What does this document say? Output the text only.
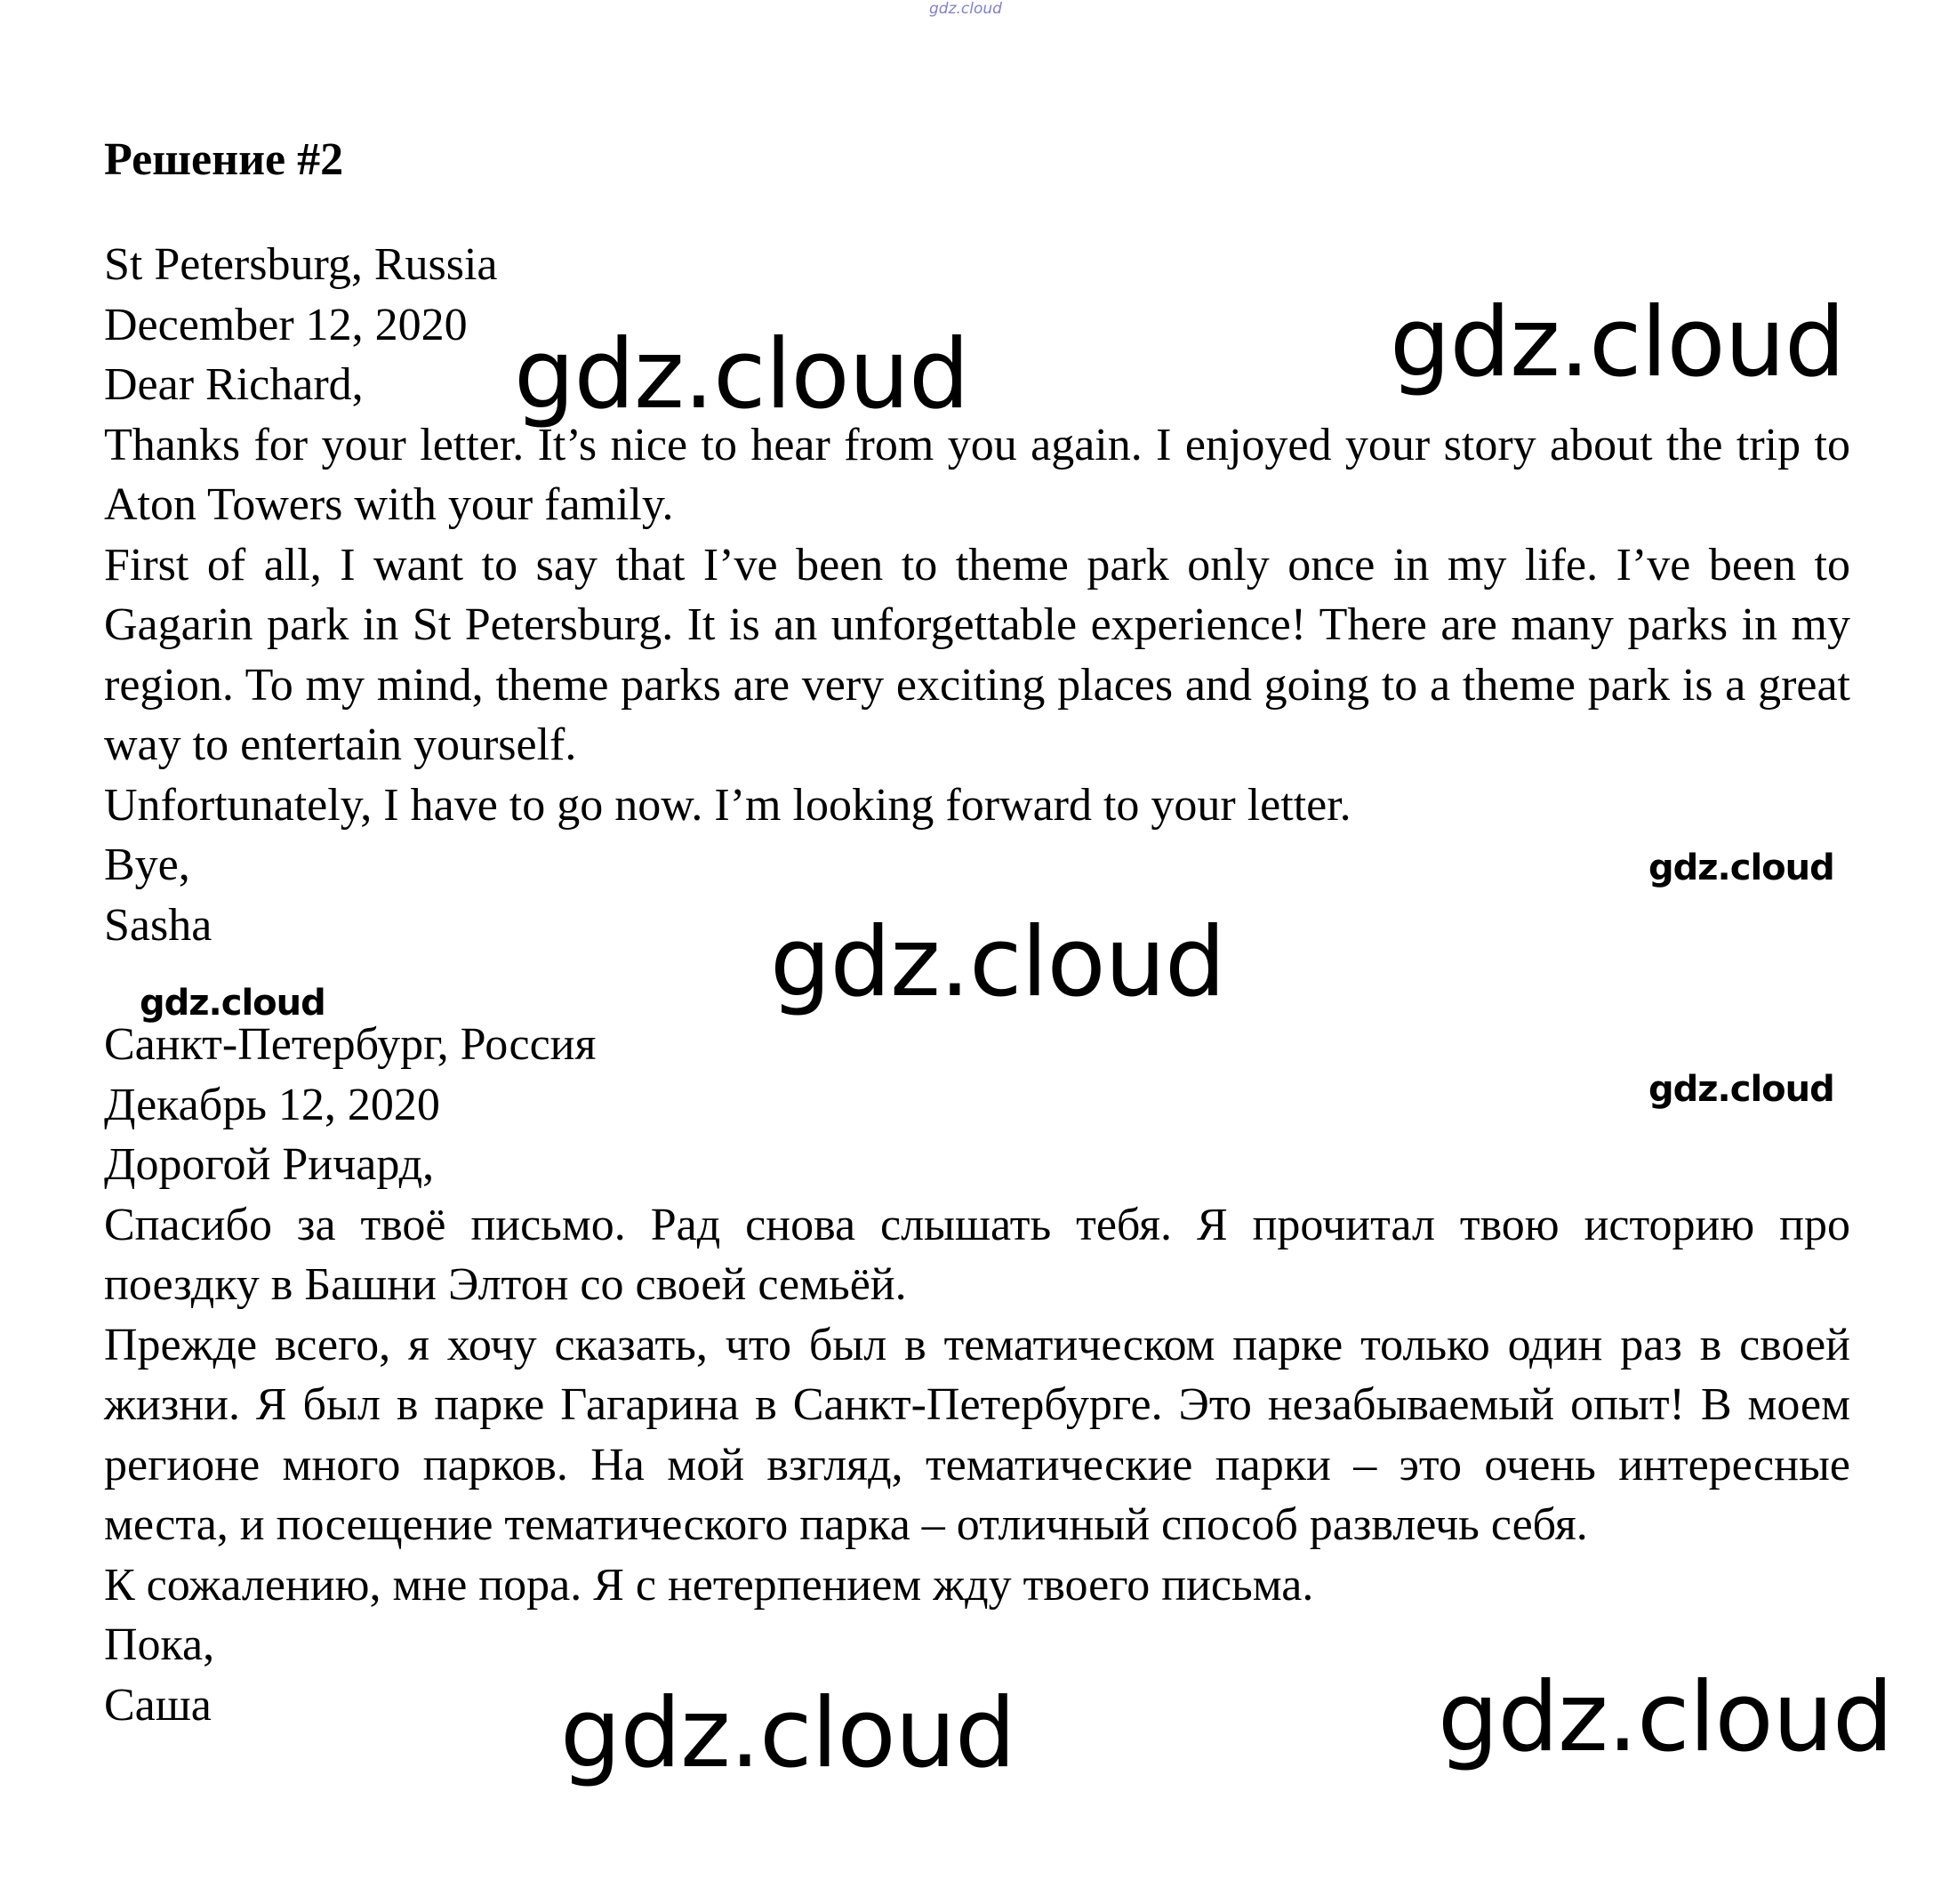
gdz.cloud
Решение #2
St Petersburg, Russia
December 12, 2020
Dear Richard,
Thanks for your letter. It’s nice to hear from you again. I enjoyed your story about the trip to Aton Towers with your family.
First of all, I want to say that I’ve been to theme park only once in my life. I’ve been to Gagarin park in St Petersburg. It is an unforgettable experience! There are many parks in my region. To my mind, theme parks are very exciting places and going to a theme park is a great way to entertain yourself.
Unfortunately, I have to go now. I’m looking forward to your letter.
Bye,
Sasha
Санкт-Петербург, Россия
Декабрь 12, 2020
Дорогой Ричард,
Спасибо за твоё письмо. Рад снова слышать тебя. Я прочитал твою историю про поездку в Башни Элтон со своей семьёй.
Прежде всего, я хочу сказать, что был в тематическом парке только один раз в своей жизни. Я был в парке Гагарина в Санкт-Петербурге. Это незабываемый опыт! В моем регионе много парков. На мой взгляд, тематические парки – это очень интересные места, и посещение тематического парка – отличный способ развлечь себя.
К сожалению, мне пора. Я с нетерпением жду твоего письма.
Пока,
Саша
gdz.cloud	gdz.cloud
gdz.cloud
gdz.cloud
gdz.cloud
gdz.cloud
gdz.cloud	gdz.cloud
